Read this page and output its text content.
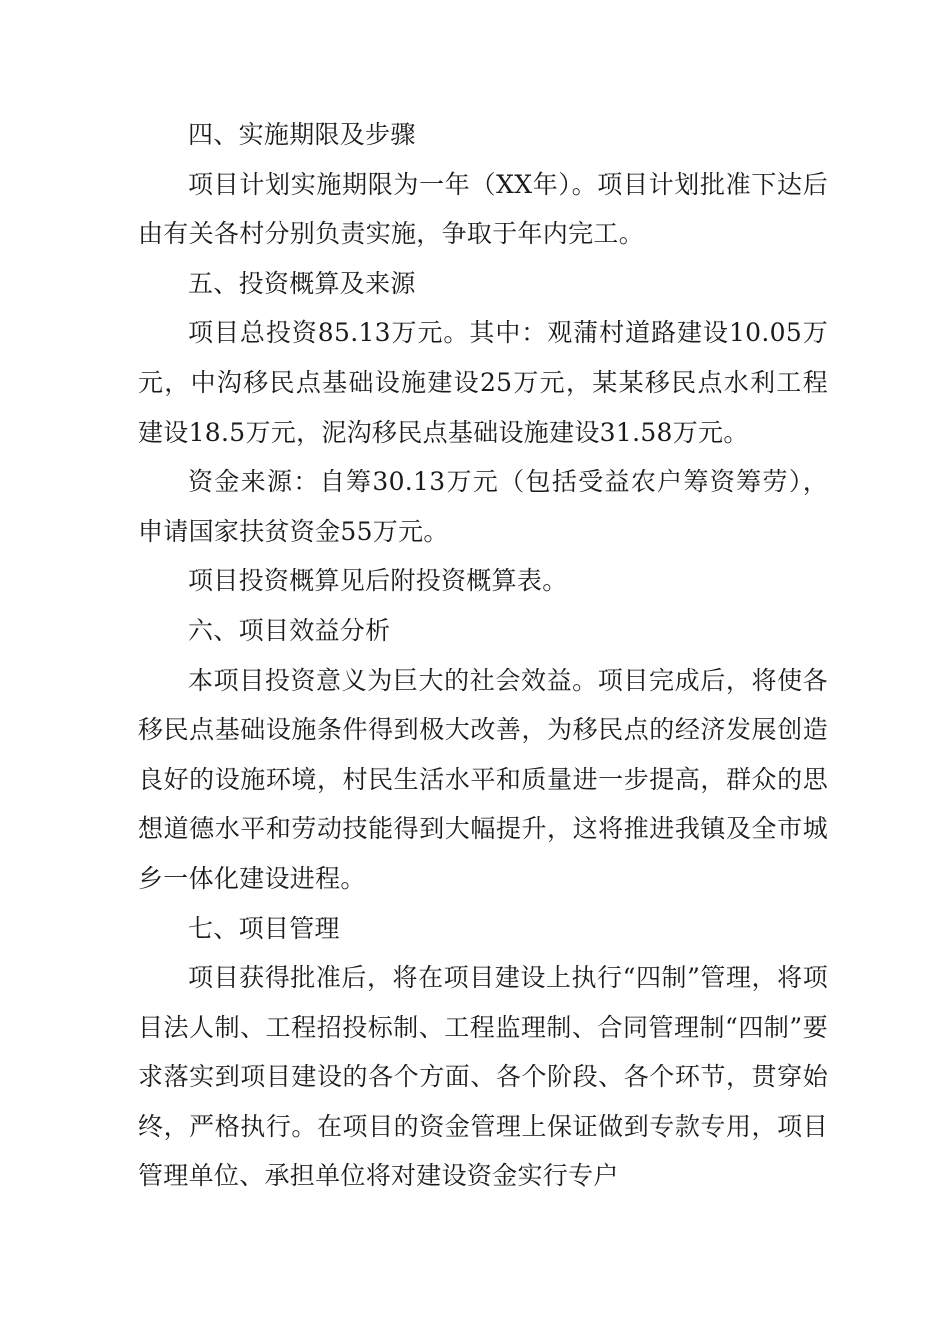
四、实施期限及步骤

项目计划实施期限为一年（XX年）。项目计划批准下达后由有关各村分别负责实施，争取于年内完工。

五、投资概算及来源

项目总投资85.13万元。其中：观蒲村道路建设10.05万元，中沟移民点基础设施建设25万元，某某移民点水利工程建设18.5万元，泥沟移民点基础设施建设31.58万元。

资金来源：自筹30.13万元（包括受益农户筹资筹劳），申请国家扶贫资金55万元。

项目投资概算见后附投资概算表。

六、项目效益分析

本项目投资意义为巨大的社会效益。项目完成后，将使各移民点基础设施条件得到极大改善，为移民点的经济发展创造良好的设施环境，村民生活水平和质量进一步提高，群众的思想道德水平和劳动技能得到大幅提升，这将推进我镇及全市城乡一体化建设进程。

七、项目管理

项目获得批准后，将在项目建设上执行“四制”管理，将项目法人制、工程招投标制、工程监理制、合同管理制“四制”要求落实到项目建设的各个方面、各个阶段、各个环节，贯穿始终，严格执行。在项目的资金管理上保证做到专款专用，项目管理单位、承担单位将对建设资金实行专户
